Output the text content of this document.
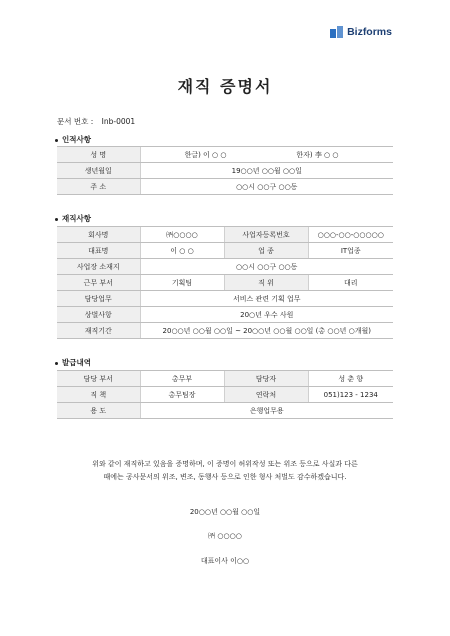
Bizforms
재직 증명서
문서 번호 : Inb-0001
인적사항
성 명	한글) 이 ○ ○ 한자) 李 ○ ○
생년월일	19○○년 ○○월 ○○일
주 소	○○시 ○○구 ○○동
재직사항
회사명	㈜○○○○	사업자등록번호	○○○-○○-○○○○○
대표명	이 ○ ○	업 종	IT업종
사업장 소재지	○○시 ○○구 ○○동		
근무 부서	기획팀	직 위	대리
담당업무	서비스 관련 기획 업무		
상벌사항	20○년 우수 사원		
재직기간	20○○년 ○○월 ○○일 ~ 20○○년 ○○월 ○○일 (총 ○○년 ○개월)		
발급내역
담당 부서	총무부	담당자	성 춘 향
직 책	총무팀장	연락처	051)123 - 1234
용 도	은행업무용		
위와 같이 재직하고 있음을 증명하며, 이 증명이 허위작성 또는 위조 등으로 사실과 다른
때에는 공사문서의 위조, 변조, 동행사 등으로 인한 형사 처벌도 감수하겠습니다.
20○○년 ○○월 ○○일
㈜ ○○○○
대표이사 이○○
